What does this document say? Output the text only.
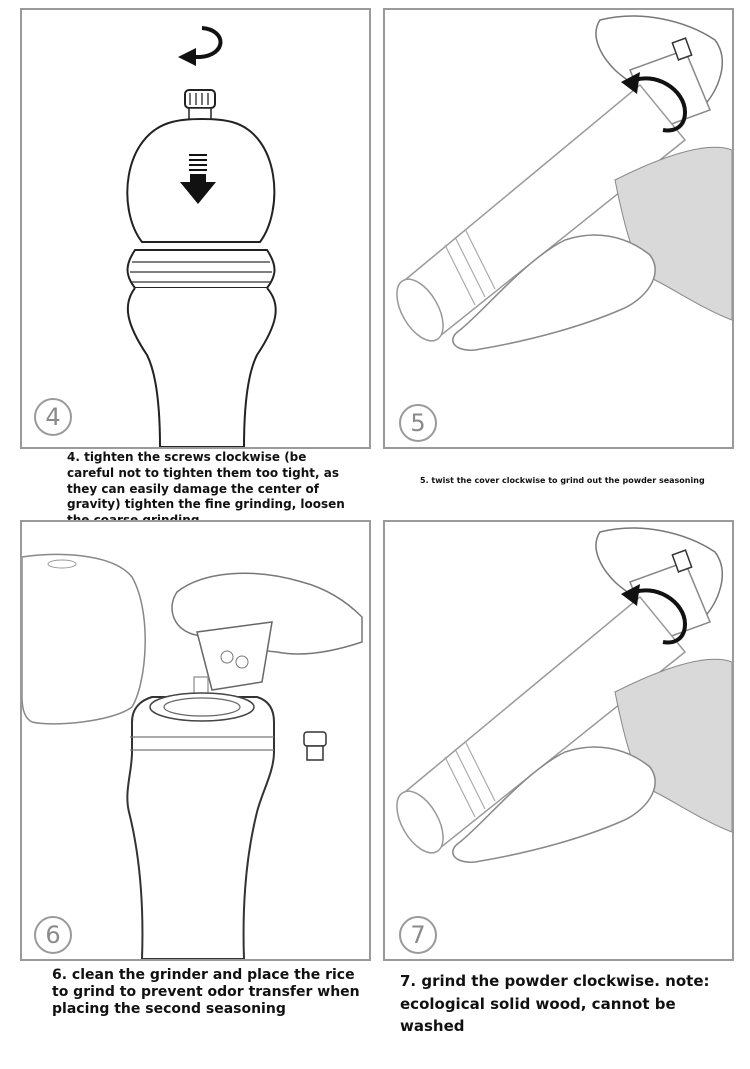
4	5
4. tighten the screws clockwise (be careful not to tighten them too tight, as they can easily damage the center of gravity) tighten the fine grinding, loosen
5. twist the cover clockwise to grind out the powder seasoning
6	7
6. clean the grinder and place the rice to grind to prevent odor transfer when placing the second seasoning
7. grind the powder clockwise. note: ecological solid wood, cannot be washed
